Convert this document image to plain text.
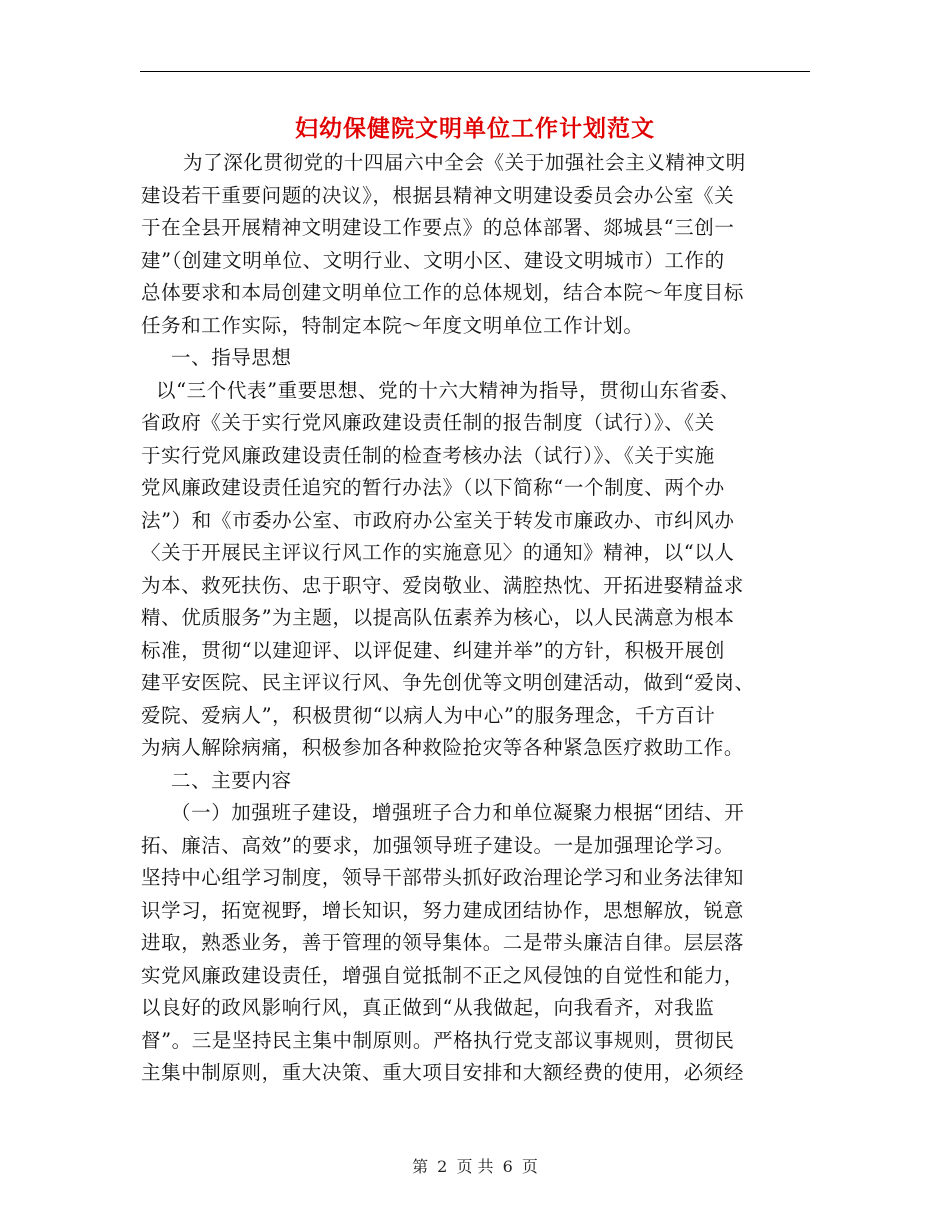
妇幼保健院文明单位工作计划范文
为了深化贯彻党的十四届六中全会《关于加强社会主义精神文明
建设若干重要问题的决议》，根据县精神文明建设委员会办公室《关
于在全县开展精神文明建设工作要点》的总体部署、郯城县“三创一
建”（创建文明单位、文明行业、文明小区、建设文明城市）工作的
总体要求和本局创建文明单位工作的总体规划，结合本院～年度目标
任务和工作实际，特制定本院～年度文明单位工作计划。
一、指导思想
以“三个代表”重要思想、党的十六大精神为指导，贯彻山东省委、
省政府《关于实行党风廉政建设责任制的报告制度（试行）》、《关
于实行党风廉政建设责任制的检查考核办法（试行）》、《关于实施
党风廉政建设责任追究的暂行办法》（以下简称“一个制度、两个办
法”）和《市委办公室、市政府办公室关于转发市廉政办、市纠风办
〈关于开展民主评议行风工作的实施意见〉的通知》精神，以“以人
为本、救死扶伤、忠于职守、爱岗敬业、满腔热忱、开拓进娶精益求
精、优质服务”为主题，以提高队伍素养为核心，以人民满意为根本
标准，贯彻“以建迎评、以评促建、纠建并举”的方针，积极开展创
建平安医院、民主评议行风、争先创优等文明创建活动，做到“爱岗、
爱院、爱病人”，积极贯彻“以病人为中心”的服务理念，千方百计
为病人解除病痛，积极参加各种救险抢灾等各种紧急医疗救助工作。
二、主要内容
（一）加强班子建设，增强班子合力和单位凝聚力根据“团结、开
拓、廉洁、高效”的要求，加强领导班子建设。一是加强理论学习。
坚持中心组学习制度，领导干部带头抓好政治理论学习和业务法律知
识学习，拓宽视野，增长知识，努力建成团结协作，思想解放，锐意
进取，熟悉业务，善于管理的领导集体。二是带头廉洁自律。层层落
实党风廉政建设责任，增强自觉抵制不正之风侵蚀的自觉性和能力，
以良好的政风影响行风，真正做到“从我做起，向我看齐，对我监
督”。三是坚持民主集中制原则。严格执行党支部议事规则，贯彻民
主集中制原则，重大决策、重大项目安排和大额经费的使用，必须经
第 2 页 共 6 页
